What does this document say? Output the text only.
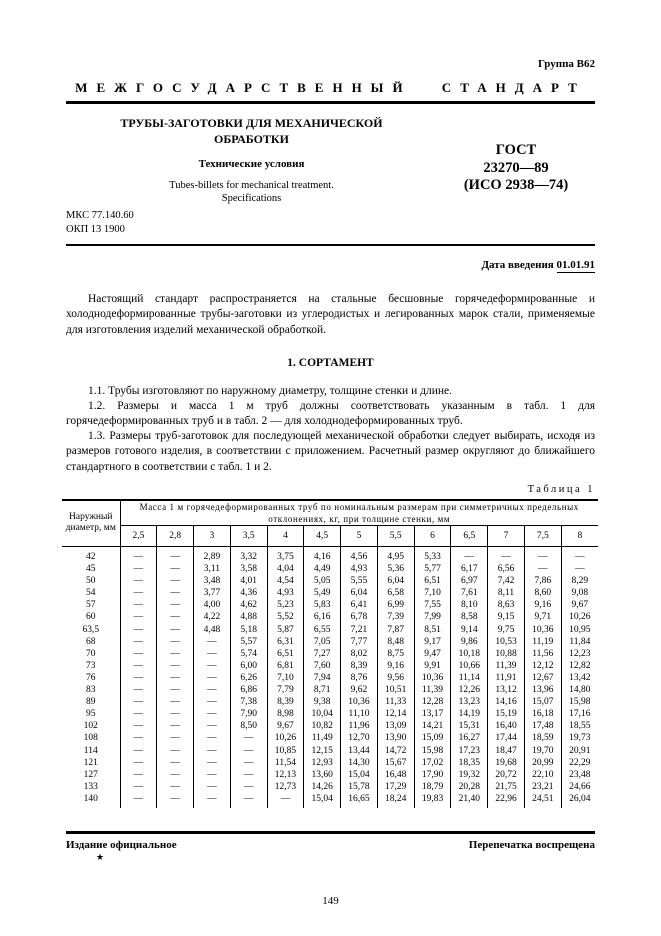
Группа В62
МЕЖГОСУДАРСТВЕННЫЙ СТАНДАРТ
ТРУБЫ-ЗАГОТОВКИ ДЛЯ МЕХАНИЧЕСКОЙ ОБРАБОТКИ
Технические условия
Tubes-billets for mechanical treatment. Specifications
ГОСТ
23270—89
(ИСО 2938—74)
МКС 77.140.60
ОКП 13 1900
Дата введения 01.01.91

Настоящий стандарт распространяется на стальные бесшовные горячедеформированные и холоднодеформированные трубы-заготовки из углеродистых и легированных марок стали, применяемые для изготовления изделий механической обработкой.

1. СОРТАМЕНТ

1.1. Трубы изготовляют по наружному диаметру, толщине стенки и длине.

1.2. Размеры и масса 1 м труб должны соответствовать указанным в табл. 1 для горячедеформированных труб и в табл. 2 — для холоднодеформированных труб.

1.3. Размеры труб-заготовок для последующей механической обработки следует выбирать, исходя из размеров готового изделия, в соответствии с приложением. Расчетный размер округляют до ближайшего стандартного в соответствии с табл. 1 и 2.

Таблица 1
Наружный диаметр, мм	Масса 1 м горячедеформированных труб по номинальным размерам при симметричных предельных отклонениях, кг, при толщине стенки, мм												
	2,5	2,8	3	3,5	4	4,5	5	5,5	6	6,5	7	7,5	8
42	—	—	2,89	3,32	3,75	4,16	4,56	4,95	5,33	—	—	—	—
45	—	—	3,11	3,58	4,04	4,49	4,93	5,36	5,77	6,17	6,56	—	—
50	—	—	3,48	4,01	4,54	5,05	5,55	6,04	6,51	6,97	7,42	7,86	8,29
54	—	—	3,77	4,36	4,93	5,49	6,04	6,58	7,10	7,61	8,11	8,60	9,08
57	—	—	4,00	4,62	5,23	5,83	6,41	6,99	7,55	8,10	8,63	9,16	9,67
60	—	—	4,22	4,88	5,52	6,16	6,78	7,39	7,99	8,58	9,15	9,71	10,26
63,5	—	—	4,48	5,18	5,87	6,55	7,21	7,87	8,51	9,14	9,75	10,36	10,95
68	—	—	—	5,57	6,31	7,05	7,77	8,48	9,17	9,86	10,53	11,19	11,84
70	—	—	—	5,74	6,51	7,27	8,02	8,75	9,47	10,18	10,88	11,56	12,23
73	—	—	—	6,00	6,81	7,60	8,39	9,16	9,91	10,66	11,39	12,12	12,82
76	—	—	—	6,26	7,10	7,94	8,76	9,56	10,36	11,14	11,91	12,67	13,42
83	—	—	—	6,86	7,79	8,71	9,62	10,51	11,39	12,26	13,12	13,96	14,80
89	—	—	—	7,38	8,39	9,38	10,36	11,33	12,28	13,23	14,16	15,07	15,98
95	—	—	—	7,90	8,98	10,04	11,10	12,14	13,17	14,19	15,19	16,18	17,16
102	—	—	—	8,50	9,67	10,82	11,96	13,09	14,21	15,31	16,40	17,48	18,55
108	—	—	—	—	10,26	11,49	12,70	13,90	15,09	16,27	17,44	18,59	19,73
114	—	—	—	—	10,85	12,15	13,44	14,72	15,98	17,23	18,47	19,70	20,91
121	—	—	—	—	11,54	12,93	14,30	15,67	17,02	18,35	19,68	20,99	22,29
127	—	—	—	—	12,13	13,60	15,04	16,48	17,90	19,32	20,72	22,10	23,48
133	—	—	—	—	12,73	14,26	15,78	17,29	18,79	20,28	21,75	23,21	24,66
140	—	—	—	—	—	15,04	16,65	18,24	19,83	21,40	22,96	24,51	26,04
Издание официальное	Перепечатка воспрещена
★
149
